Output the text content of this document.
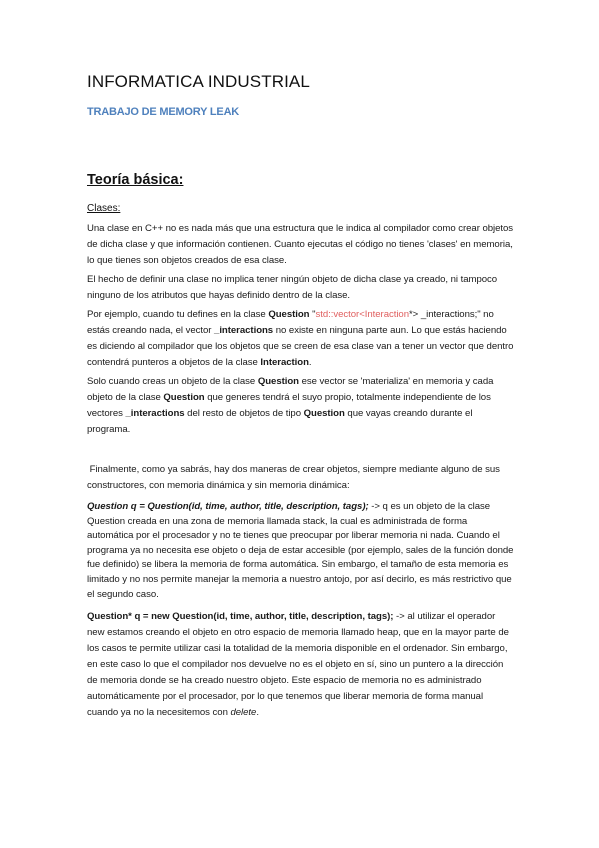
INFORMATICA INDUSTRIAL
TRABAJO DE MEMORY LEAK
Teoría básica:
Clases:
Una clase en C++ no es nada más que una estructura que le indica al compilador como crear objetos de dicha clase y que información contienen. Cuanto ejecutas el código no tienes 'clases' en memoria, lo que tienes son objetos creados de esa clase.
El hecho de definir una clase no implica tener ningún objeto de dicha clase ya creado, ni tampoco ninguno de los atributos que hayas definido dentro de la clase.
Por ejemplo, cuando tu defines en la clase Question "std::vector<Interaction*> _interactions;" no estás creando nada, el vector _interactions no existe en ninguna parte aun. Lo que estás haciendo es diciendo al compilador que los objetos que se creen de esa clase van a tener un vector que dentro contendrá punteros a objetos de la clase Interaction.
Solo cuando creas un objeto de la clase Question ese vector se 'materializa' en memoria y cada objeto de la clase Question que generes tendrá el suyo propio, totalmente independiente de los vectores _interactions del resto de objetos de tipo Question que vayas creando durante el programa.
Finalmente, como ya sabrás, hay dos maneras de crear objetos, siempre mediante alguno de sus constructores, con memoria dinámica y sin memoria dinámica:
Question q = Question(id, time, author, title, description, tags); -> q es un objeto de la clase Question creada en una zona de memoria llamada stack, la cual es administrada de forma automática por el procesador y no te tienes que preocupar por liberar memoria ni nada. Cuando el programa ya no necesita ese objeto o deja de estar accesible (por ejemplo, sales de la función donde fue definido) se libera la memoria de forma automática. Sin embargo, el tamaño de esta memoria es limitado y no nos permite manejar la memoria a nuestro antojo, por así decirlo, es más restrictivo que el segundo caso.
Question* q = new Question(id, time, author, title, description, tags); -> al utilizar el operador new estamos creando el objeto en otro espacio de memoria llamado heap, que en la mayor parte de los casos te permite utilizar casi la totalidad de la memoria disponible en el ordenador. Sin embargo, en este caso lo que el compilador nos devuelve no es el objeto en sí, sino un puntero a la dirección de memoria donde se ha creado nuestro objeto. Este espacio de memoria no es administrado automáticamente por el procesador, por lo que tenemos que liberar memoria de forma manual cuando ya no la necesitemos con delete.
